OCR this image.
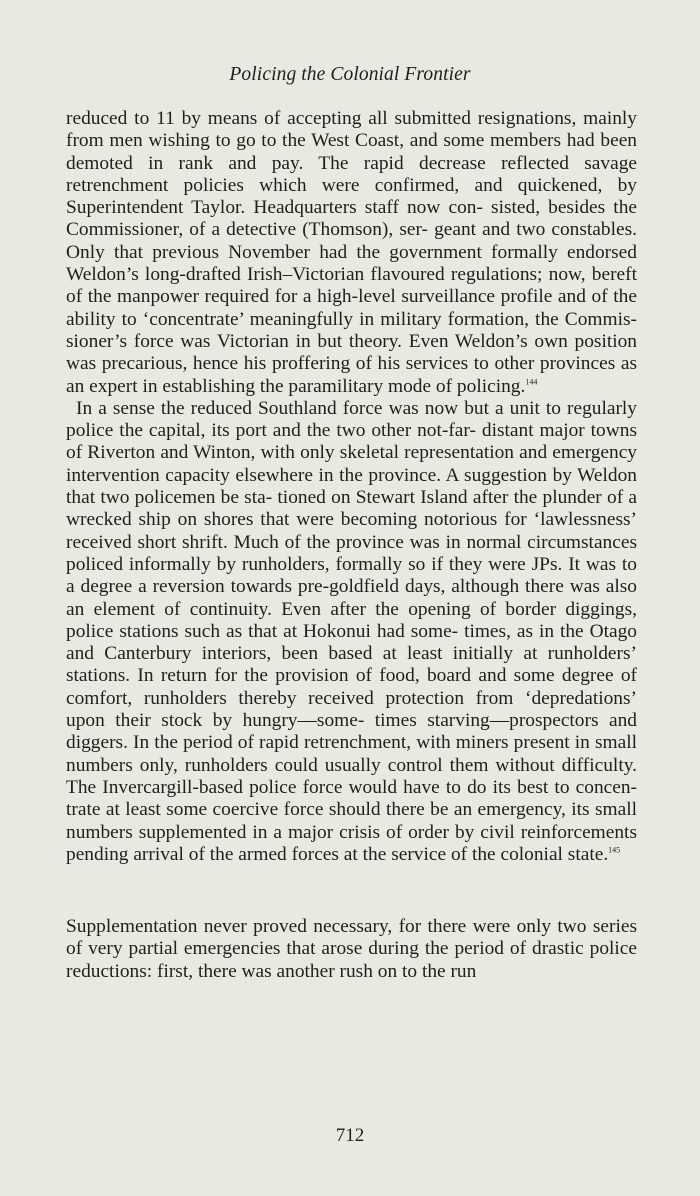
Policing the Colonial Frontier

reduced to 11 by means of accepting all submitted resignations, mainly from men wishing to go to the West Coast, and some members had been demoted in rank and pay. The rapid decrease reflected savage retrenchment policies which were confirmed, and quickened, by Superintendent Taylor. Headquarters staff now con- sisted, besides the Commissioner, of a detective (Thomson), ser- geant and two constables. Only that previous November had the government formally endorsed Weldon’s long-drafted Irish–Victorian flavoured regulations; now, bereft of the manpower required for a high-level surveillance profile and of the ability to ‘concentrate’ meaningfully in military formation, the Commis- sioner’s force was Victorian in but theory. Even Weldon’s own position was precarious, hence his proffering of his services to other provinces as an expert in establishing the paramilitary mode of policing.$^{144}$

In a sense the reduced Southland force was now but a unit to regularly police the capital, its port and the two other not-far- distant major towns of Riverton and Winton, with only skeletal representation and emergency intervention capacity elsewhere in the province. A suggestion by Weldon that two policemen be sta- tioned on Stewart Island after the plunder of a wrecked ship on shores that were becoming notorious for ‘lawlessness’ received short shrift. Much of the province was in normal circumstances policed informally by runholders, formally so if they were JPs. It was to a degree a reversion towards pre-goldfield days, although there was also an element of continuity. Even after the opening of border diggings, police stations such as that at Hokonui had some- times, as in the Otago and Canterbury interiors, been based at least initially at runholders’ stations. In return for the provision of food, board and some degree of comfort, runholders thereby received protection from ‘depredations’ upon their stock by hungry—some- times starving—prospectors and diggers. In the period of rapid retrenchment, with miners present in small numbers only, runholders could usually control them without difficulty. The Invercargill-based police force would have to do its best to concen- trate at least some coercive force should there be an emergency, its small numbers supplemented in a major crisis of order by civil reinforcements pending arrival of the armed forces at the service of the colonial state.$^{145}$

Supplementation never proved necessary, for there were only two series of very partial emergencies that arose during the period of drastic police reductions: first, there was another rush on to the run

712
